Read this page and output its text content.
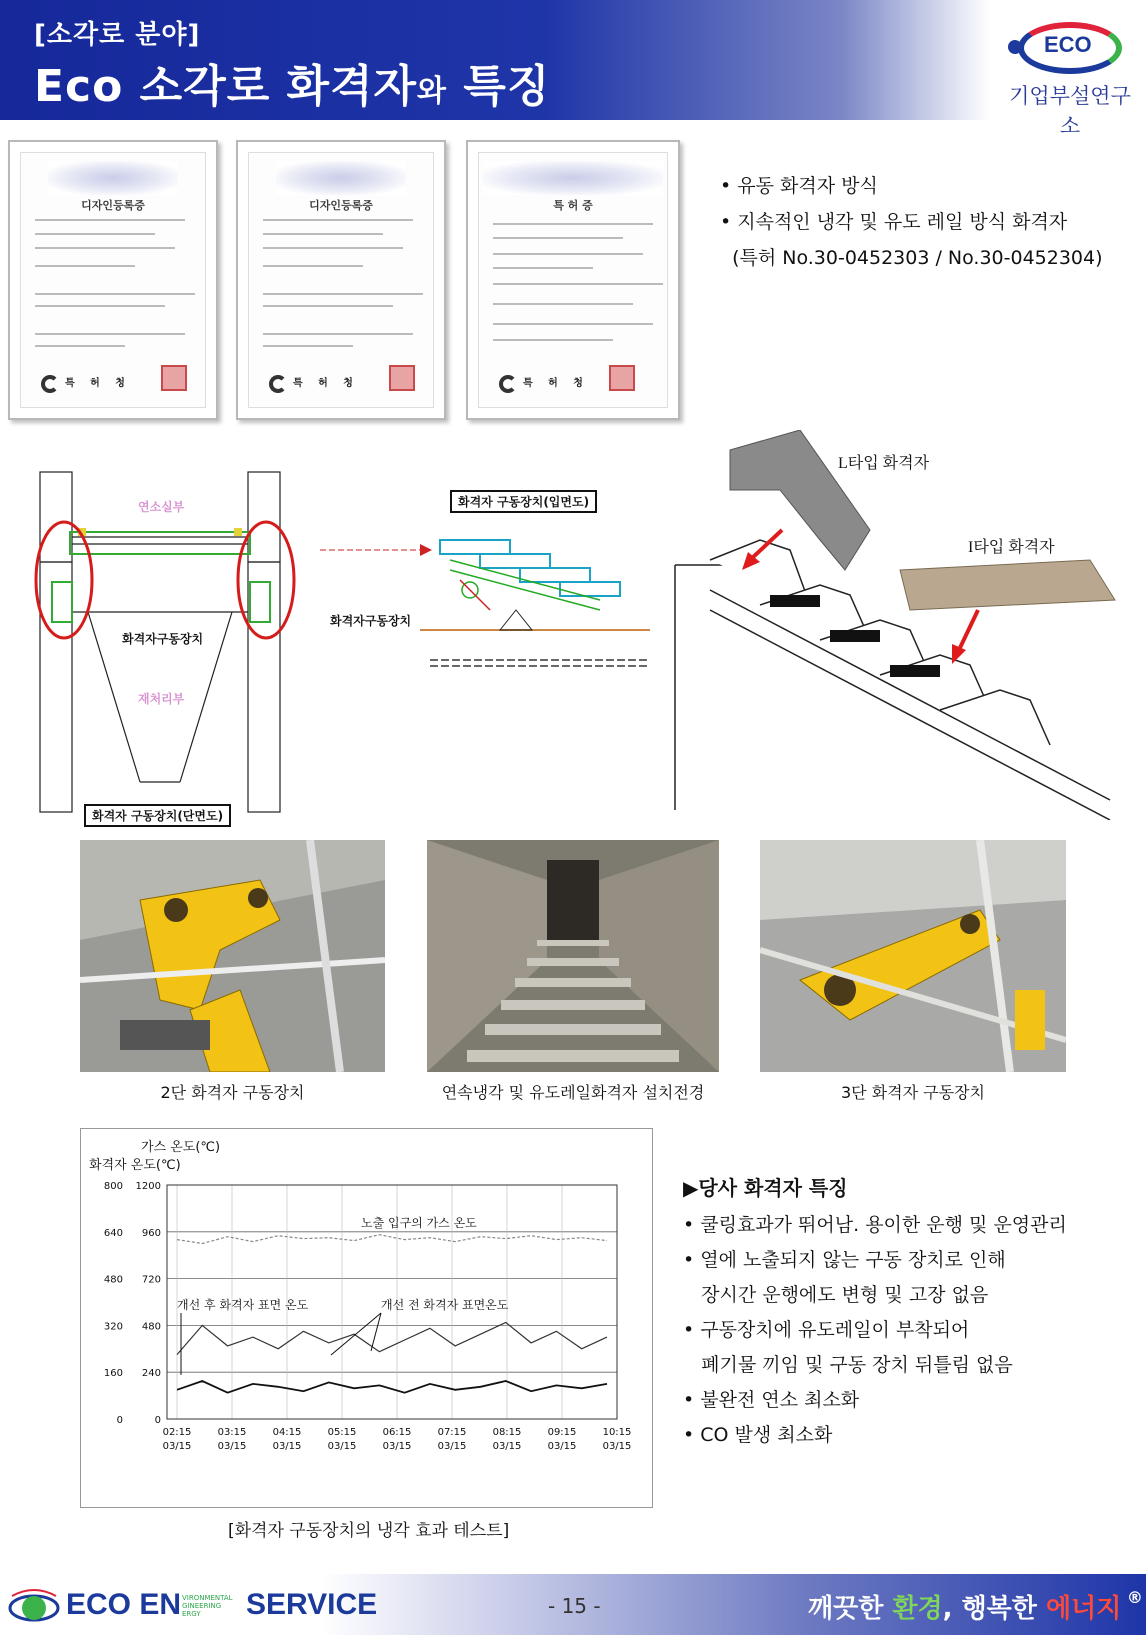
[소각로 분야]
Eco 소각로 화격자와 특징
ECO
기업부설연구소
디자인등록증
특 허 청
디자인등록증
특 허 청
특 허 증
특 허 청
• 유동 화격자 방식
• 지속적인 냉각 및 유도 레일 방식 화격자
(특허 No.30-0452303 / No.30-0452304)
연소실부
화격자구동장치
재처리부
화격자 구동장치(단면도)
화격자 구동장치(입면도)
화격자구동장치
L타입 화격자
I타입 화격자
2단 화격자 구동장치	연속냉각 및 유도레일화격자 설치전경	3단 화격자 구동장치
화격자 온도(℃)
가스 온도(℃)
0	0
160 240
320 480
480 720
640 960
800 1200
02:15
03/15
03:15
03/15
04:15
03/15
05:15
03/15
06:15
03/15
07:15
03/15
08:15
03/15
09:15
03/15
10:15
03/15
노출 입구의 가스 온도
개선 후 화격자 표면 온도	개선 전 화격자 표면온도
[화격자 구동장치의 냉각 효과 테스트]
▶당사 화격자 특징
• 쿨링효과가 뛰어남. 용이한 운행 및 운영관리
• 열에 노출되지 않는 구동 장치로 인해
장시간 운행에도 변형 및 고장 없음
• 구동장치에 유도레일이 부착되어
폐기물 끼임 및 구동 장치 뒤틀림 없음
• 불완전 연소 최소화
• CO 발생 최소화
ECO EN VIRONMENTAL
GINEERING
ERGY	SERVICE	- 15 -	깨끗한 환경, 행복한 에너지 ®
